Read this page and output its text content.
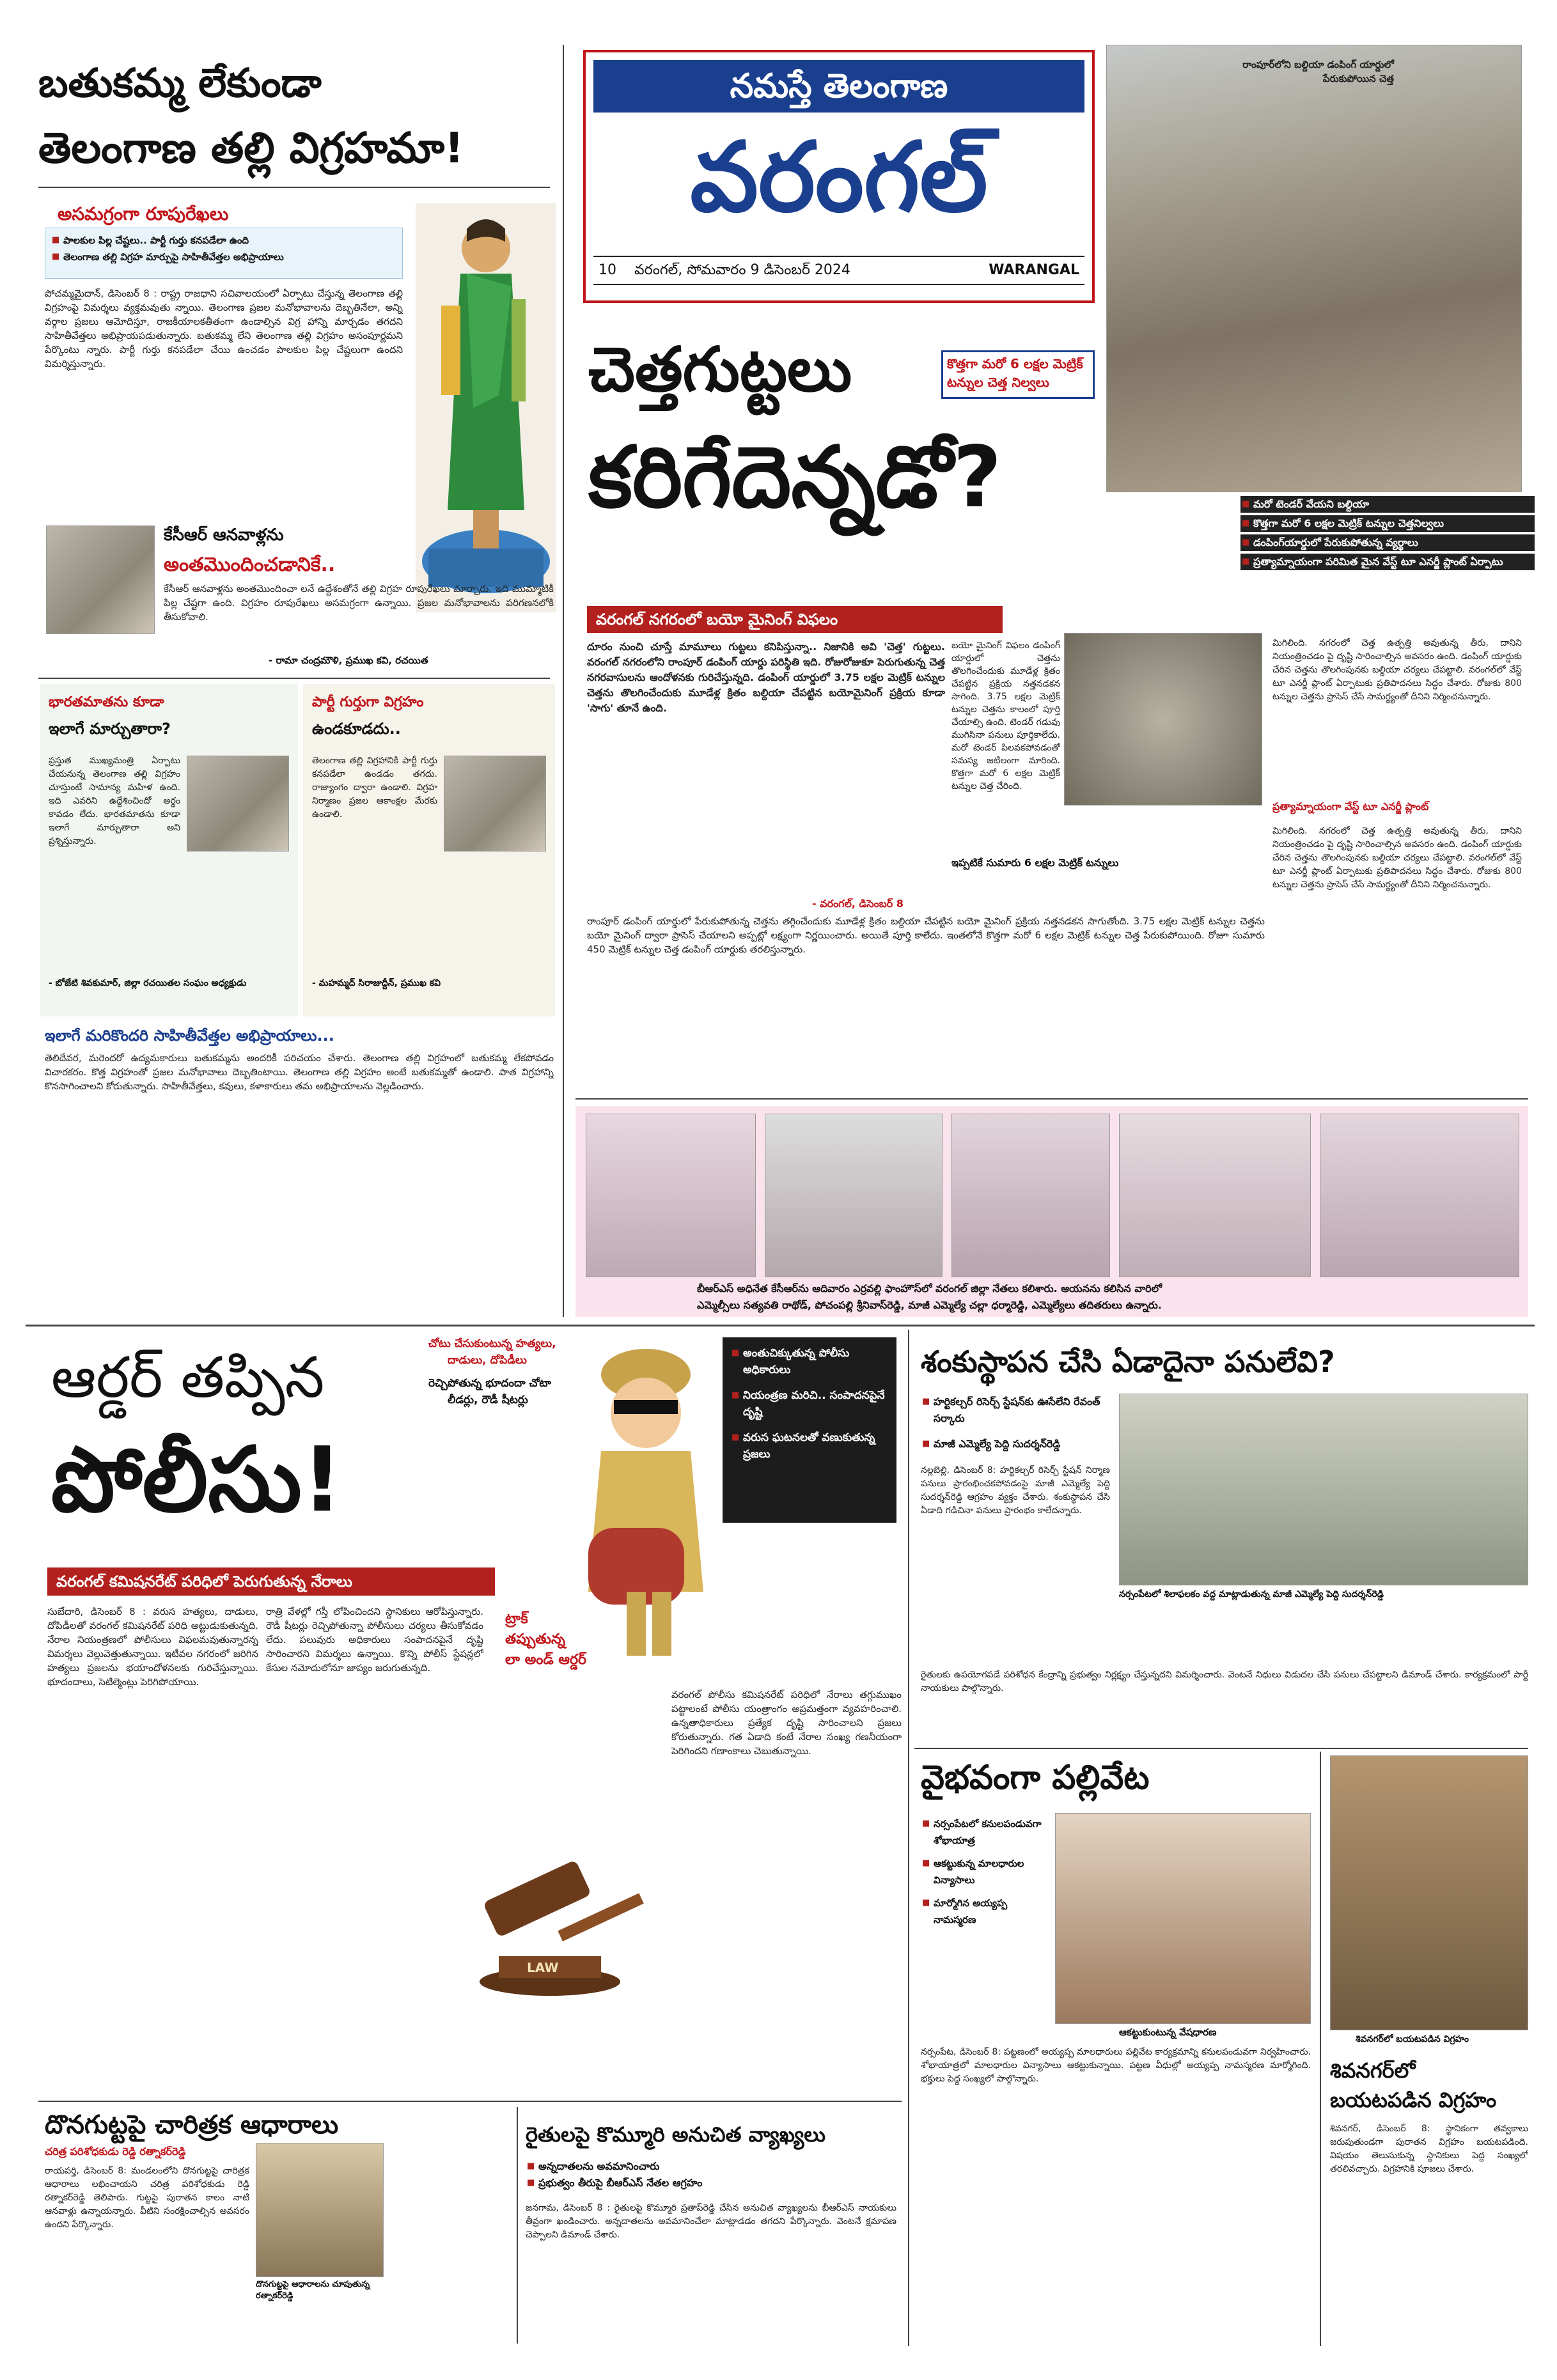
నమస్తే తెలంగాణ
వరంగల్
10 వరంగల్, సోమవారం 9 డిసెంబర్ 2024	WARANGAL
బతుకమ్మ లేకుండా
తెలంగాణ తల్లి విగ్రహమా!
అసమగ్రంగా రూపురేఖలు
■ పాలకుల పిల్ల చేష్టలు.. పార్టీ గుర్తు కనపడేలా ఉంది
■ తెలంగాణ తల్లి విగ్రహ మార్పుపై సాహితీవేత్తల అభిప్రాయాలు
పోచమ్మమైదాన్, డిసెంబర్ 8 : రాష్ట్ర రాజధాని సచివాలయంలో ఏర్పాటు చేస్తున్న తెలంగాణ తల్లి విగ్రహంపై విమర్శలు వ్యక్తమవుతు న్నాయి. తెలంగాణ ప్రజల మనోభావాలను దెబ్బతినేలా, అన్ని వర్గాల ప్రజలు ఆమోదిస్తూ, రాజకీయాలకతీతంగా ఉండాల్సిన విగ్ర హాన్ని మార్చడం తగదని సాహితీవేత్తలు అభిప్రాయపడుతున్నారు. బతుకమ్మ లేని తెలంగాణ తల్లి విగ్రహం అసంపూర్ణమని పేర్కొంటు న్నారు. పార్టీ గుర్తు కనపడేలా చేయి ఉంచడం పాలకుల పిల్ల చేష్టలుగా ఉందని విమర్శిస్తున్నారు.
కేసీఆర్ ఆనవాళ్లను
అంతమొందించడానికే..
కేసీఆర్ ఆనవాళ్లను అంతమొందించా లనే ఉద్దేశంతోనే తల్లి విగ్రహ రూపురేఖలు మార్చారు. ఇది ముమ్మాటికీ పిల్ల చేష్టగా ఉంది. విగ్రహం రూపురేఖలు అసమగ్రంగా ఉన్నాయి. ప్రజల మనోభావాలను పరిగణనలోకి తీసుకోవాలి.
- రామా చంద్రమౌళి, ప్రముఖ కవి, రచయిత
భారతమాతను కూడా
ఇలాగే మార్చుతారా?
ప్రస్తుత ముఖ్యమంత్రి ఏర్పాటు చేయనున్న తెలంగాణ తల్లి విగ్రహం చూస్తుంటే సామాన్య మహిళ ఉంది. ఇది ఎవరిని ఉద్దేశించిందో అర్థం కావడం లేదు. భారతమాతను కూడా ఇలాగే మార్చుతారా అని ప్రశ్నిస్తున్నారు.
- బోజేటి శివకుమార్, జిల్లా రచయితల సంఘం అధ్యక్షుడు
పార్టీ గుర్తుగా విగ్రహం
ఉండకూడదు..
తెలంగాణ తల్లి విగ్రహానికి పార్టీ గుర్తు కనపడేలా ఉండడం తగదు. రాజ్యాంగం ద్వారా ఉండాలి. విగ్రహ నిర్మాణం ప్రజల ఆకాంక్షల మేరకు ఉండాలి.
- మహమ్మద్ సిరాజుద్దీన్, ప్రముఖ కవి
ఇలాగే మరికొందరి సాహితీవేత్తల అభిప్రాయాలు...
తెలిదేవర, మరెందరో ఉద్యమకారులు బతుకమ్మను అందరికీ పరిచయం చేశారు. తెలంగాణ తల్లి విగ్రహంలో బతుకమ్మ లేకపోవడం విచారకరం. కొత్త విగ్రహంతో ప్రజల మనోభావాలు దెబ్బతింటాయి. తెలంగాణ తల్లి విగ్రహం అంటే బతుకమ్మతో ఉండాలి. పాత విగ్రహాన్ని కొనసాగించాలని కోరుతున్నారు. సాహితీవేత్తలు, కవులు, కళాకారులు తమ అభిప్రాయాలను వెల్లడించారు.
రాంపూర్‌లోని బల్దియా డంపింగ్ యార్డులో పేరుకుపోయిన చెత్త
కొత్తగా మరో 6 లక్షల మెట్రిక్ టన్నుల చెత్త నిల్వలు
చెత్తగుట్టలు
కరిగేదెన్నడో?
■	మరో టెండర్ వేయని బల్దియా
■ కొత్తగా మరో 6 లక్షల మెట్రిక్ టన్నుల చెత్తనిల్వలు
■ డంపింగ్‌యార్డులో పేరుకుపోతున్న వ్యర్థాలు
■ ప్రత్యామ్నాయంగా పరిమిత మైన వేస్ట్ టూ ఎనర్జీ ప్లాంట్ ఏర్పాటు
వరంగల్ నగరంలో బయో మైనింగ్ విఫలం
దూరం నుంచి చూస్తే మామూలు గుట్టలు కనిపిస్తున్నా.. నిజానికి అవి 'చెత్త' గుట్టలు. వరంగల్ నగరంలోని రాంపూర్ డంపింగ్ యార్డు పరిస్థితి ఇది. రోజురోజుకూ పెరుగుతున్న చెత్త నగరవాసులను ఆందోళనకు గురిచేస్తున్నది. డంపింగ్ యార్డులో 3.75 లక్షల మెట్రిక్ టన్నుల చెత్తను తొలగించేందుకు మూడేళ్ల క్రితం బల్దియా చేపట్టిన బయోమైనింగ్ ప్రక్రియ కూడా 'సాగు' తూనే ఉంది.
- వరంగల్, డిసెంబర్ 8
బయో మైనింగ్ విఫలం డంపింగ్ యార్డులో చెత్తను తొలగించేందుకు మూడేళ్ల క్రితం చేపట్టిన ప్రక్రియ నత్తనడకన సాగింది. 3.75 లక్షల మెట్రిక్ టన్నుల చెత్తను కాలంలో పూర్తి చేయాల్సి ఉంది. టెండర్ గడువు ముగిసినా పనులు పూర్తికాలేదు. మరో టెండర్ పిలవకపోవడంతో సమస్య జటిలంగా మారింది. కొత్తగా మరో 6 లక్షల మెట్రిక్ టన్నుల చెత్త చేరింది.
ఇప్పటికే సుమారు 6 లక్షల మెట్రిక్ టన్నులు
మిగిలింది. నగరంలో చెత్త ఉత్పత్తి అవుతున్న తీరు, దానిని నియంత్రించడం పై దృష్టి సారించాల్సిన అవసరం ఉంది. డంపింగ్ యార్డుకు చేరిన చెత్తను తొలగింపునకు బల్దియా చర్యలు చేపట్టాలి. వరంగల్‌లో వేస్ట్ టూ ఎనర్జీ ప్లాంట్ ఏర్పాటుకు ప్రతిపాదనలు సిద్ధం చేశారు. రోజుకు 800 టన్నుల చెత్తను ప్రాసెస్ చేసే సామర్థ్యంతో దీనిని నిర్మించనున్నారు.
ప్రత్యామ్నాయంగా వేస్ట్ టూ ఎనర్జీ ప్లాంట్
రాంపూర్ డంపింగ్ యార్డులో పేరుకుపోతున్న చెత్తను తగ్గించేందుకు మూడేళ్ల క్రితం బల్దియా చేపట్టిన బయో మైనింగ్ ప్రక్రియ నత్తనడకన సాగుతోంది. 3.75 లక్షల మెట్రిక్ టన్నుల చెత్తను బయో మైనింగ్ ద్వారా ప్రాసెస్ చేయాలని అప్పట్లో లక్ష్యంగా నిర్ణయించారు. అయితే పూర్తి కాలేదు. ఇంతలోనే కొత్తగా మరో 6 లక్షల మెట్రిక్ టన్నుల చెత్త పేరుకుపోయింది. రోజూ సుమారు 450 మెట్రిక్ టన్నుల చెత్త డంపింగ్ యార్డుకు తరలిస్తున్నారు.
మిగిలింది. నగరంలో చెత్త ఉత్పత్తి అవుతున్న తీరు, దానిని నియంత్రించడం పై దృష్టి సారించాల్సిన అవసరం ఉంది. డంపింగ్ యార్డుకు చేరిన చెత్తను తొలగింపునకు బల్దియా చర్యలు చేపట్టాలి. వరంగల్‌లో వేస్ట్ టూ ఎనర్జీ ప్లాంట్ ఏర్పాటుకు ప్రతిపాదనలు సిద్ధం చేశారు. రోజుకు 800 టన్నుల చెత్తను ప్రాసెస్ చేసే సామర్థ్యంతో దీనిని నిర్మించనున్నారు.
బీఆర్‌ఎస్ అధినేత కేసీఆర్‌ను ఆదివారం ఎర్రవల్లి ఫాంహౌస్‌లో వరంగల్ జిల్లా నేతలు కలిశారు. ఆయనను కలిసిన వారిలో
ఎమ్మెల్సీలు సత్యవతి రాథోడ్, పోచంపల్లి శ్రీనివాస్‌రెడ్డి, మాజీ ఎమ్మెల్యే చల్లా ధర్మారెడ్డి, ఎమ్మెల్యేలు తదితరులు ఉన్నారు.
ఆర్డర్ తప్పిన
పోలీసు!
చోటు చేసుకుంటున్న హత్యలు,
దాడులు, దోపిడీలు
రెచ్చిపోతున్న భూదందా చోటా
లీడర్లు, రౌడీ షీటర్లు
■ అంతుచిక్కుతున్న పోలీసు అధికారులు
■ నియంత్రణ మరిచి.. సంపాదనపైనే దృష్టి
■ వరుస ఘటనలతో వణుకుతున్న ప్రజలు
ట్రాక్
తప్పుతున్న
లా అండ్ ఆర్డర్
వరంగల్ కమిషనరేట్ పరిధిలో పెరుగుతున్న నేరాలు
సుబేదారి, డిసెంబర్ 8 : వరుస హత్యలు, దాడులు, దోపిడీలతో వరంగల్ కమిషనరేట్ పరిధి అట్టుడుకుతున్నది. నేరాల నియంత్రణలో పోలీసులు విఫలమవుతున్నారన్న విమర్శలు వెల్లువెత్తుతున్నాయి. ఇటీవల నగరంలో జరిగిన హత్యలు ప్రజలను భయాందోళనలకు గురిచేస్తున్నాయి. భూదందాలు, సెటిల్మెంట్లు పెరిగిపోయాయి.
రాత్రి వేళల్లో గస్తీ లోపించిందని స్థానికులు ఆరోపిస్తున్నారు. రౌడీ షీటర్లు రెచ్చిపోతున్నా పోలీసులు చర్యలు తీసుకోవడం లేదు. పలువురు అధికారులు సంపాదనపైనే దృష్టి సారించారని విమర్శలు ఉన్నాయి. కొన్ని పోలీస్ స్టేషన్లలో కేసుల నమోదులోనూ జాప్యం జరుగుతున్నది.
LAW
వరంగల్ పోలీసు కమిషనరేట్ పరిధిలో నేరాలు తగ్గుముఖం పట్టాలంటే పోలీసు యంత్రాంగం అప్రమత్తంగా వ్యవహరించాలి. ఉన్నతాధికారులు ప్రత్యేక దృష్టి సారించాలని ప్రజలు కోరుతున్నారు. గత ఏడాది కంటే నేరాల సంఖ్య గణనీయంగా పెరిగిందని గణాంకాలు చెబుతున్నాయి.
శంకుస్థాపన చేసి ఏడాదైనా పనులేవి?
■ హర్టికల్చర్ రిసెర్చ్ స్టేషన్‌కు ఊసేలేని రేవంత్ సర్కారు
■ మాజీ ఎమ్మెల్యే పెద్ది సుదర్శన్‌రెడ్డి
నర్సంపేటలో శిలాఫలకం వద్ద మాట్లాడుతున్న మాజీ ఎమ్మెల్యే పెద్ది సుదర్శన్‌రెడ్డి
నల్లబెల్లి, డిసెంబర్ 8: హర్టికల్చర్ రిసెర్చ్ స్టేషన్ నిర్మాణ పనులు ప్రారంభించకపోవడంపై మాజీ ఎమ్మెల్యే పెద్ది సుదర్శన్‌రెడ్డి ఆగ్రహం వ్యక్తం చేశారు. శంకుస్థాపన చేసి ఏడాది గడిచినా పనులు ప్రారంభం కాలేదన్నారు.
రైతులకు ఉపయోగపడే పరిశోధన కేంద్రాన్ని ప్రభుత్వం నిర్లక్ష్యం చేస్తున్నదని విమర్శించారు. వెంటనే నిధులు విడుదల చేసి పనులు చేపట్టాలని డిమాండ్ చేశారు. కార్యక్రమంలో పార్టీ నాయకులు పాల్గొన్నారు.
వైభవంగా పల్లివేట
■ నర్సంపేటలో కనులపండువగా శోభాయాత్ర
■ ఆకట్టుకున్న మాలధారుల విన్యాసాలు
■ మార్మోగిన అయ్యప్ప నామస్మరణ
ఆకట్టుకుంటున్న వేషధారణ
నర్సంపేట, డిసెంబర్ 8: పట్టణంలో అయ్యప్ప మాలధారులు పల్లివేట కార్యక్రమాన్ని కనులపండువగా నిర్వహించారు. శోభాయాత్రలో మాలధారుల విన్యాసాలు ఆకట్టుకున్నాయి. పట్టణ వీధుల్లో అయ్యప్ప నామస్మరణ మార్మోగింది. భక్తులు పెద్ద సంఖ్యలో పాల్గొన్నారు.
శివనగర్‌లో బయటపడిన విగ్రహం
శివనగర్‌లో
బయటపడిన విగ్రహం
శివనగర్, డిసెంబర్ 8: స్థానికంగా తవ్వకాలు జరుపుతుండగా పురాతన విగ్రహం బయటపడింది. విషయం తెలుసుకున్న స్థానికులు పెద్ద సంఖ్యలో తరలివచ్చారు. విగ్రహానికి పూజలు చేశారు.
దొనగుట్టపై చారిత్రక ఆధారాలు
చరిత్ర పరిశోధకుడు రెడ్డి రత్నాకర్‌రెడ్డి
దొనగుట్టపై ఆధారాలను చూపుతున్న రత్నాకర్‌రెడ్డి
రాయపర్తి, డిసెంబర్ 8: మండలంలోని దొనగుట్టపై చారిత్రక ఆధారాలు లభించాయని చరిత్ర పరిశోధకుడు రెడ్డి రత్నాకర్‌రెడ్డి తెలిపారు. గుట్టపై పురాతన కాలం నాటి ఆనవాళ్లు ఉన్నాయన్నారు. వీటిని సంరక్షించాల్సిన అవసరం ఉందని పేర్కొన్నారు.
రైతులపై కొమ్మూరి అనుచిత వ్యాఖ్యలు
■ అన్నదాతలను అవమానించారు
■ ప్రభుత్వం తీరుపై బీఆర్‌ఎస్ నేతల ఆగ్రహం
జనగామ, డిసెంబర్ 8 : రైతులపై కొమ్మూరి ప్రతాప్‌రెడ్డి చేసిన అనుచిత వ్యాఖ్యలను బీఆర్‌ఎస్ నాయకులు తీవ్రంగా ఖండించారు. అన్నదాతలను అవమానించేలా మాట్లాడడం తగదని పేర్కొన్నారు. వెంటనే క్షమాపణ చెప్పాలని డిమాండ్ చేశారు.
